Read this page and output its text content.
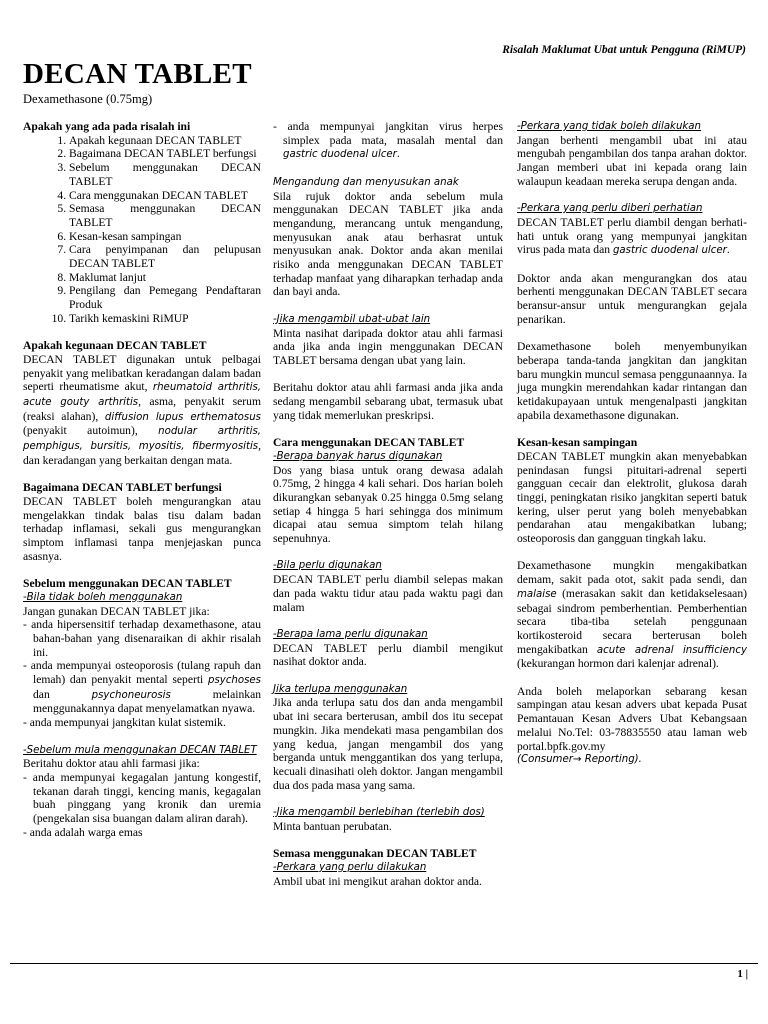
Risalah Maklumat Ubat untuk Pengguna (RiMUP)
DECAN TABLET
Dexamethasone (0.75mg)
Apakah yang ada pada risalah ini
1. Apakah kegunaan DECAN TABLET
2. Bagaimana DECAN TABLET berfungsi
3. Sebelum menggunakan DECAN TABLET
4. Cara menggunakan DECAN TABLET
5. Semasa menggunakan DECAN TABLET
6. Kesan-kesan sampingan
7. Cara penyimpanan dan pelupusan DECAN TABLET
8. Maklumat lanjut
9. Pengilang dan Pemegang Pendaftaran Produk
10. Tarikh kemaskini RiMUP
Apakah kegunaan DECAN TABLET

DECAN TABLET digunakan untuk pelbagai penyakit yang melibatkan keradangan dalam badan seperti rheumatisme akut, rheumatoid arthritis, acute gouty arthritis, asma, penyakit serum (reaksi alahan), diffusion lupus erthematosus (penyakit autoimun), nodular arthritis, pemphigus, bursitis, myositis, fibermyositis, dan keradangan yang berkaitan dengan mata.

Bagaimana DECAN TABLET berfungsi

DECAN TABLET boleh mengurangkan atau mengelakkan tindak balas tisu dalam badan terhadap inflamasi, sekali gus mengurangkan simptom inflamasi tanpa menjejaskan punca asasnya.

Sebelum menggunakan DECAN TABLET
-Bila tidak boleh menggunakan
Jangan gunakan DECAN TABLET jika:
- anda hipersensitif terhadap dexamethasone, atau bahan-bahan yang disenaraikan di akhir risalah ini.
- anda mempunyai osteoporosis (tulang rapuh dan lemah) dan penyakit mental seperti psychoses dan psychoneurosis melainkan menggunakannya dapat menyelamatkan nyawa.
- anda mempunyai jangkitan kulat sistemik.
-Sebelum mula menggunakan DECAN TABLET
Beritahu doktor atau ahli farmasi jika:
- anda mempunyai kegagalan jantung kongestif, tekanan darah tinggi, kencing manis, kegagalan buah pinggang yang kronik dan uremia (pengekalan sisa buangan dalam aliran darah).
- anda adalah warga emas
- anda mempunyai jangkitan virus herpes simplex pada mata, masalah mental dan gastric duodenal ulcer.
Mengandung dan menyusukan anak

Sila rujuk doktor anda sebelum mula menggunakan DECAN TABLET jika anda mengandung, merancang untuk mengandung, menyusukan anak atau berhasrat untuk menyusukan anak. Doktor anda akan menilai risiko anda menggunakan DECAN TABLET terhadap manfaat yang diharapkan terhadap anda dan bayi anda.

-Jika mengambil ubat-ubat lain

Minta nasihat daripada doktor atau ahli farmasi anda jika anda ingin menggunakan DECAN TABLET bersama dengan ubat yang lain.

Beritahu doktor atau ahli farmasi anda jika anda sedang mengambil sebarang ubat, termasuk ubat yang tidak memerlukan preskripsi.

Cara menggunakan DECAN TABLET
-Berapa banyak harus digunakan

Dos yang biasa untuk orang dewasa adalah 0.75mg, 2 hingga 4 kali sehari. Dos harian boleh dikurangkan sebanyak 0.25 hingga 0.5mg selang setiap 4 hingga 5 hari sehingga dos minimum dicapai atau semua simptom telah hilang sepenuhnya.

-Bila perlu digunakan

DECAN TABLET perlu diambil selepas makan dan pada waktu tidur atau pada waktu pagi dan malam

-Berapa lama perlu digunakan

DECAN TABLET perlu diambil mengikut nasihat doktor anda.

Jika terlupa menggunakan

Jika anda terlupa satu dos dan anda mengambil ubat ini secara berterusan, ambil dos itu secepat mungkin. Jika mendekati masa pengambilan dos yang kedua, jangan mengambil dos yang berganda untuk menggantikan dos yang terlupa, kecuali dinasihati oleh doktor. Jangan mengambil dua dos pada masa yang sama.

-Jika mengambil berlebihan (terlebih dos)

Minta bantuan perubatan.

Semasa menggunakan DECAN TABLET
-Perkara yang perlu dilakukan
Ambil ubat ini mengikut arahan doktor anda.
-Perkara yang tidak boleh dilakukan

Jangan berhenti mengambil ubat ini atau mengubah pengambilan dos tanpa arahan doktor. Jangan memberi ubat ini kepada orang lain walaupun keadaan mereka serupa dengan anda.

-Perkara yang perlu diberi perhatian

DECAN TABLET perlu diambil dengan berhati-hati untuk orang yang mempunyai jangkitan virus pada mata dan gastric duodenal ulcer.

Doktor anda akan mengurangkan dos atau berhenti menggunakan DECAN TABLET secara beransur-ansur untuk mengurangkan gejala penarikan.

Dexamethasone boleh menyembunyikan beberapa tanda-tanda jangkitan dan jangkitan baru mungkin muncul semasa penggunaannya. Ia juga mungkin merendahkan kadar rintangan dan ketidakupayaan untuk mengenalpasti jangkitan apabila dexamethasone digunakan.

Kesan-kesan sampingan

DECAN TABLET mungkin akan menyebabkan penindasan fungsi pituitari-adrenal seperti gangguan cecair dan elektrolit, glukosa darah tinggi, peningkatan risiko jangkitan seperti batuk kering, ulser perut yang boleh menyebabkan pendarahan atau mengakibatkan lubang; osteoporosis dan gangguan tingkah laku.

Dexamethasone mungkin mengakibatkan demam, sakit pada otot, sakit pada sendi, dan malaise (merasakan sakit dan ketidakselesaan) sebagai sindrom pemberhentian. Pemberhentian secara tiba-tiba setelah penggunaan kortikosteroid secara berterusan boleh mengakibatkan acute adrenal insufficiency (kekurangan hormon dari kalenjar adrenal).

Anda boleh melaporkan sebarang kesan sampingan atau kesan advers ubat kepada Pusat Pemantauan Kesan Advers Ubat Kebangsaan melalui No.Tel: 03-78835550 atau laman web portal.bpfk.gov.my
(Consumer→ Reporting).
1 |
